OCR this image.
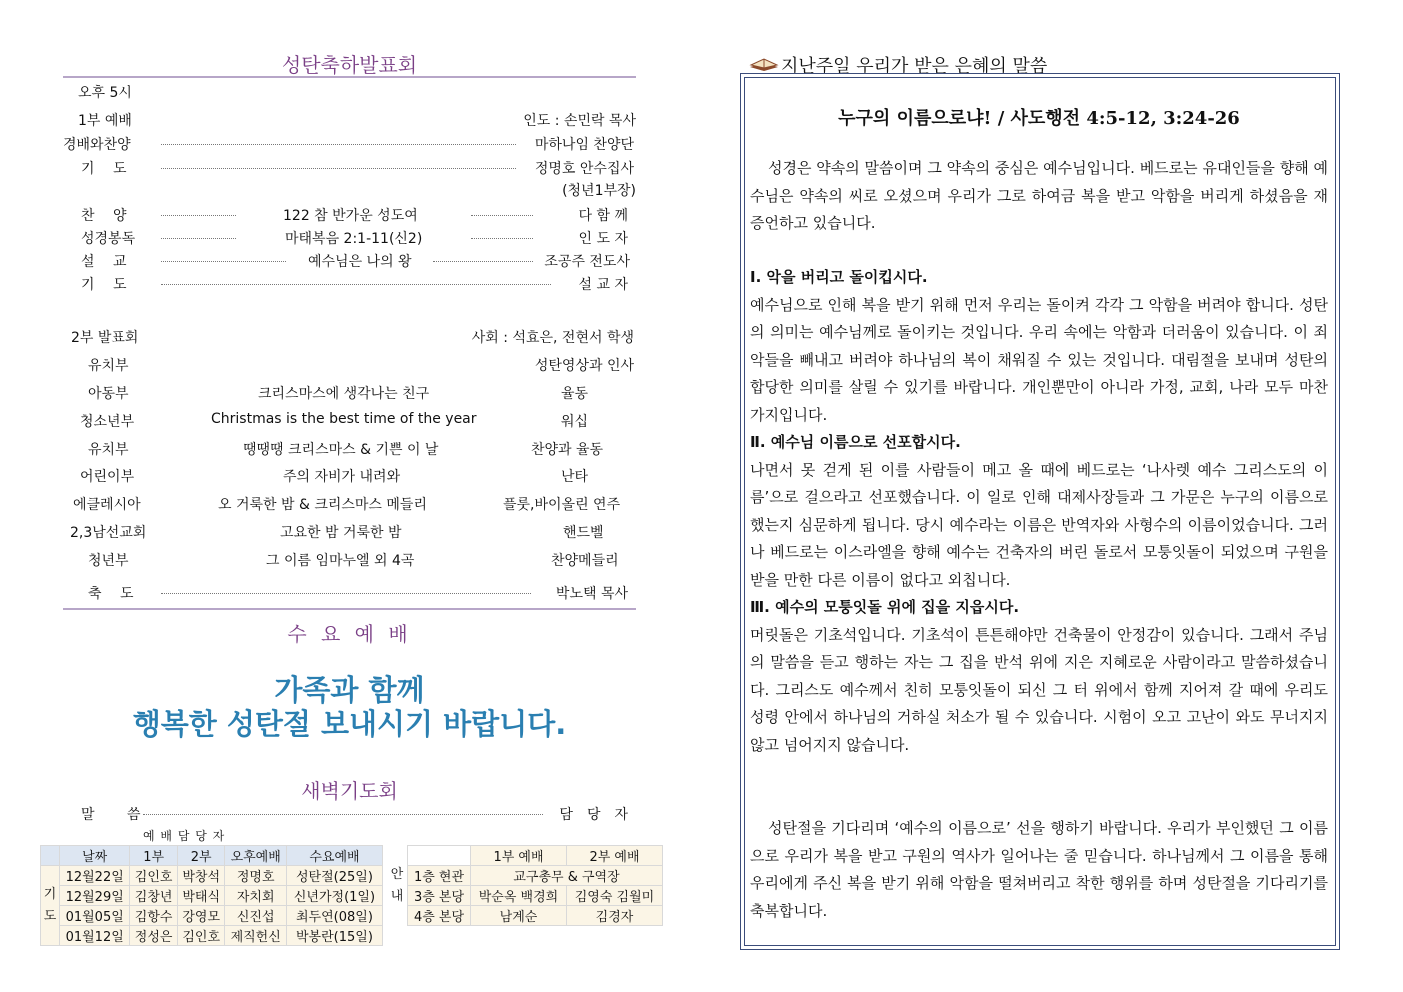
성탄축하발표회
오후 5시
1부 예배	인도 : 손민락 목사
경배와찬양	마하나임 찬양단
기　 도	정명호 안수집사
(청년1부장)
찬　 양	122 참 반가운 성도여	다 함 께
성경봉독	마태복음 2:1-11(신2)	인 도 자
설　 교	예수님은 나의 왕	조공주 전도사
기　 도	설 교 자
2부 발표회	사회 : 석효은, 전현서 학생
유치부	성탄영상과 인사
아동부	크리스마스에 생각나는 친구	율동
청소년부	Christmas is the best time of the year	워십
유치부	땡땡땡 크리스마스 & 기쁜 이 날	찬양과 율동
어린이부	주의 자비가 내려와	난타
에클레시아	오 거룩한 밤 & 크리스마스 메들리	플룻,바이올린 연주
2,3남선교회	고요한 밤 거룩한 밤	핸드벨
청년부	그 이름 임마누엘 외 4곡	찬양메들리
축　 도	박노택 목사
수 요 예 배
가족과 함께
행복한 성탄절 보내시기 바랍니다.
새벽기도회
말　　 씀	담　당　자
예 배 담 당 자
	날짜	1부	2부	오후예배	수요예배

기
도	12월22일	김인호	박창석	정명호	성탄절(25일)
	12월29일	김창년	박태식	자치회	신년가정(1일)
	01월05일	김항수	강영모	신진섭	최두연(08일)
	01월12일	정성은	김인호	제직헌신	박봉란(15일)
안
내		1부 예배	2부 예배
	1층 현관	교구총무 & 구역장	
	3층 본당	박순옥 백경희	김영숙 김월미
	4층 본당	남계순	김경자
지난주일 우리가 받은 은혜의 말씀
누구의 이름으로냐! / 사도행전 4:5-12, 3:24-26

성경은 약속의 말씀이며 그 약속의 중심은 예수님입니다. 베드로는 유대인들을 향해 예수님은 약속의 씨로 오셨으며 우리가 그로 하여금 복을 받고 악함을 버리게 하셨음을 재증언하고 있습니다.

Ⅰ. 악을 버리고 돌이킵시다.

예수님으로 인해 복을 받기 위해 먼저 우리는 돌이켜 각각 그 악함을 버려야 합니다. 성탄의 의미는 예수님께로 돌이키는 것입니다. 우리 속에는 악함과 더러움이 있습니다. 이 죄악들을 빼내고 버려야 하나님의 복이 채워질 수 있는 것입니다. 대림절을 보내며 성탄의 합당한 의미를 살릴 수 있기를 바랍니다. 개인뿐만이 아니라 가정, 교회, 나라 모두 마찬가지입니다.

Ⅱ. 예수님 이름으로 선포합시다.

나면서 못 걷게 된 이를 사람들이 메고 올 때에 베드로는 ‘나사렛 예수 그리스도의 이름’으로 걸으라고 선포했습니다. 이 일로 인해 대제사장들과 그 가문은 누구의 이름으로 했는지 심문하게 됩니다. 당시 예수라는 이름은 반역자와 사형수의 이름이었습니다. 그러나 베드로는 이스라엘을 향해 예수는 건축자의 버린 돌로서 모퉁잇돌이 되었으며 구원을 받을 만한 다른 이름이 없다고 외칩니다.

Ⅲ. 예수의 모퉁잇돌 위에 집을 지읍시다.

머릿돌은 기초석입니다. 기초석이 튼튼해야만 건축물이 안정감이 있습니다. 그래서 주님의 말씀을 듣고 행하는 자는 그 집을 반석 위에 지은 지혜로운 사람이라고 말씀하셨습니다. 그리스도 예수께서 친히 모퉁잇돌이 되신 그 터 위에서 함께 지어져 갈 때에 우리도 성령 안에서 하나님의 거하실 처소가 될 수 있습니다. 시험이 오고 고난이 와도 무너지지 않고 넘어지지 않습니다.

성탄절을 기다리며 ‘예수의 이름으로’ 선을 행하기 바랍니다. 우리가 부인했던 그 이름으로 우리가 복을 받고 구원의 역사가 일어나는 줄 믿습니다. 하나님께서 그 이름을 통해 우리에게 주신 복을 받기 위해 악함을 떨쳐버리고 착한 행위를 하며 성탄절을 기다리기를 축복합니다.
